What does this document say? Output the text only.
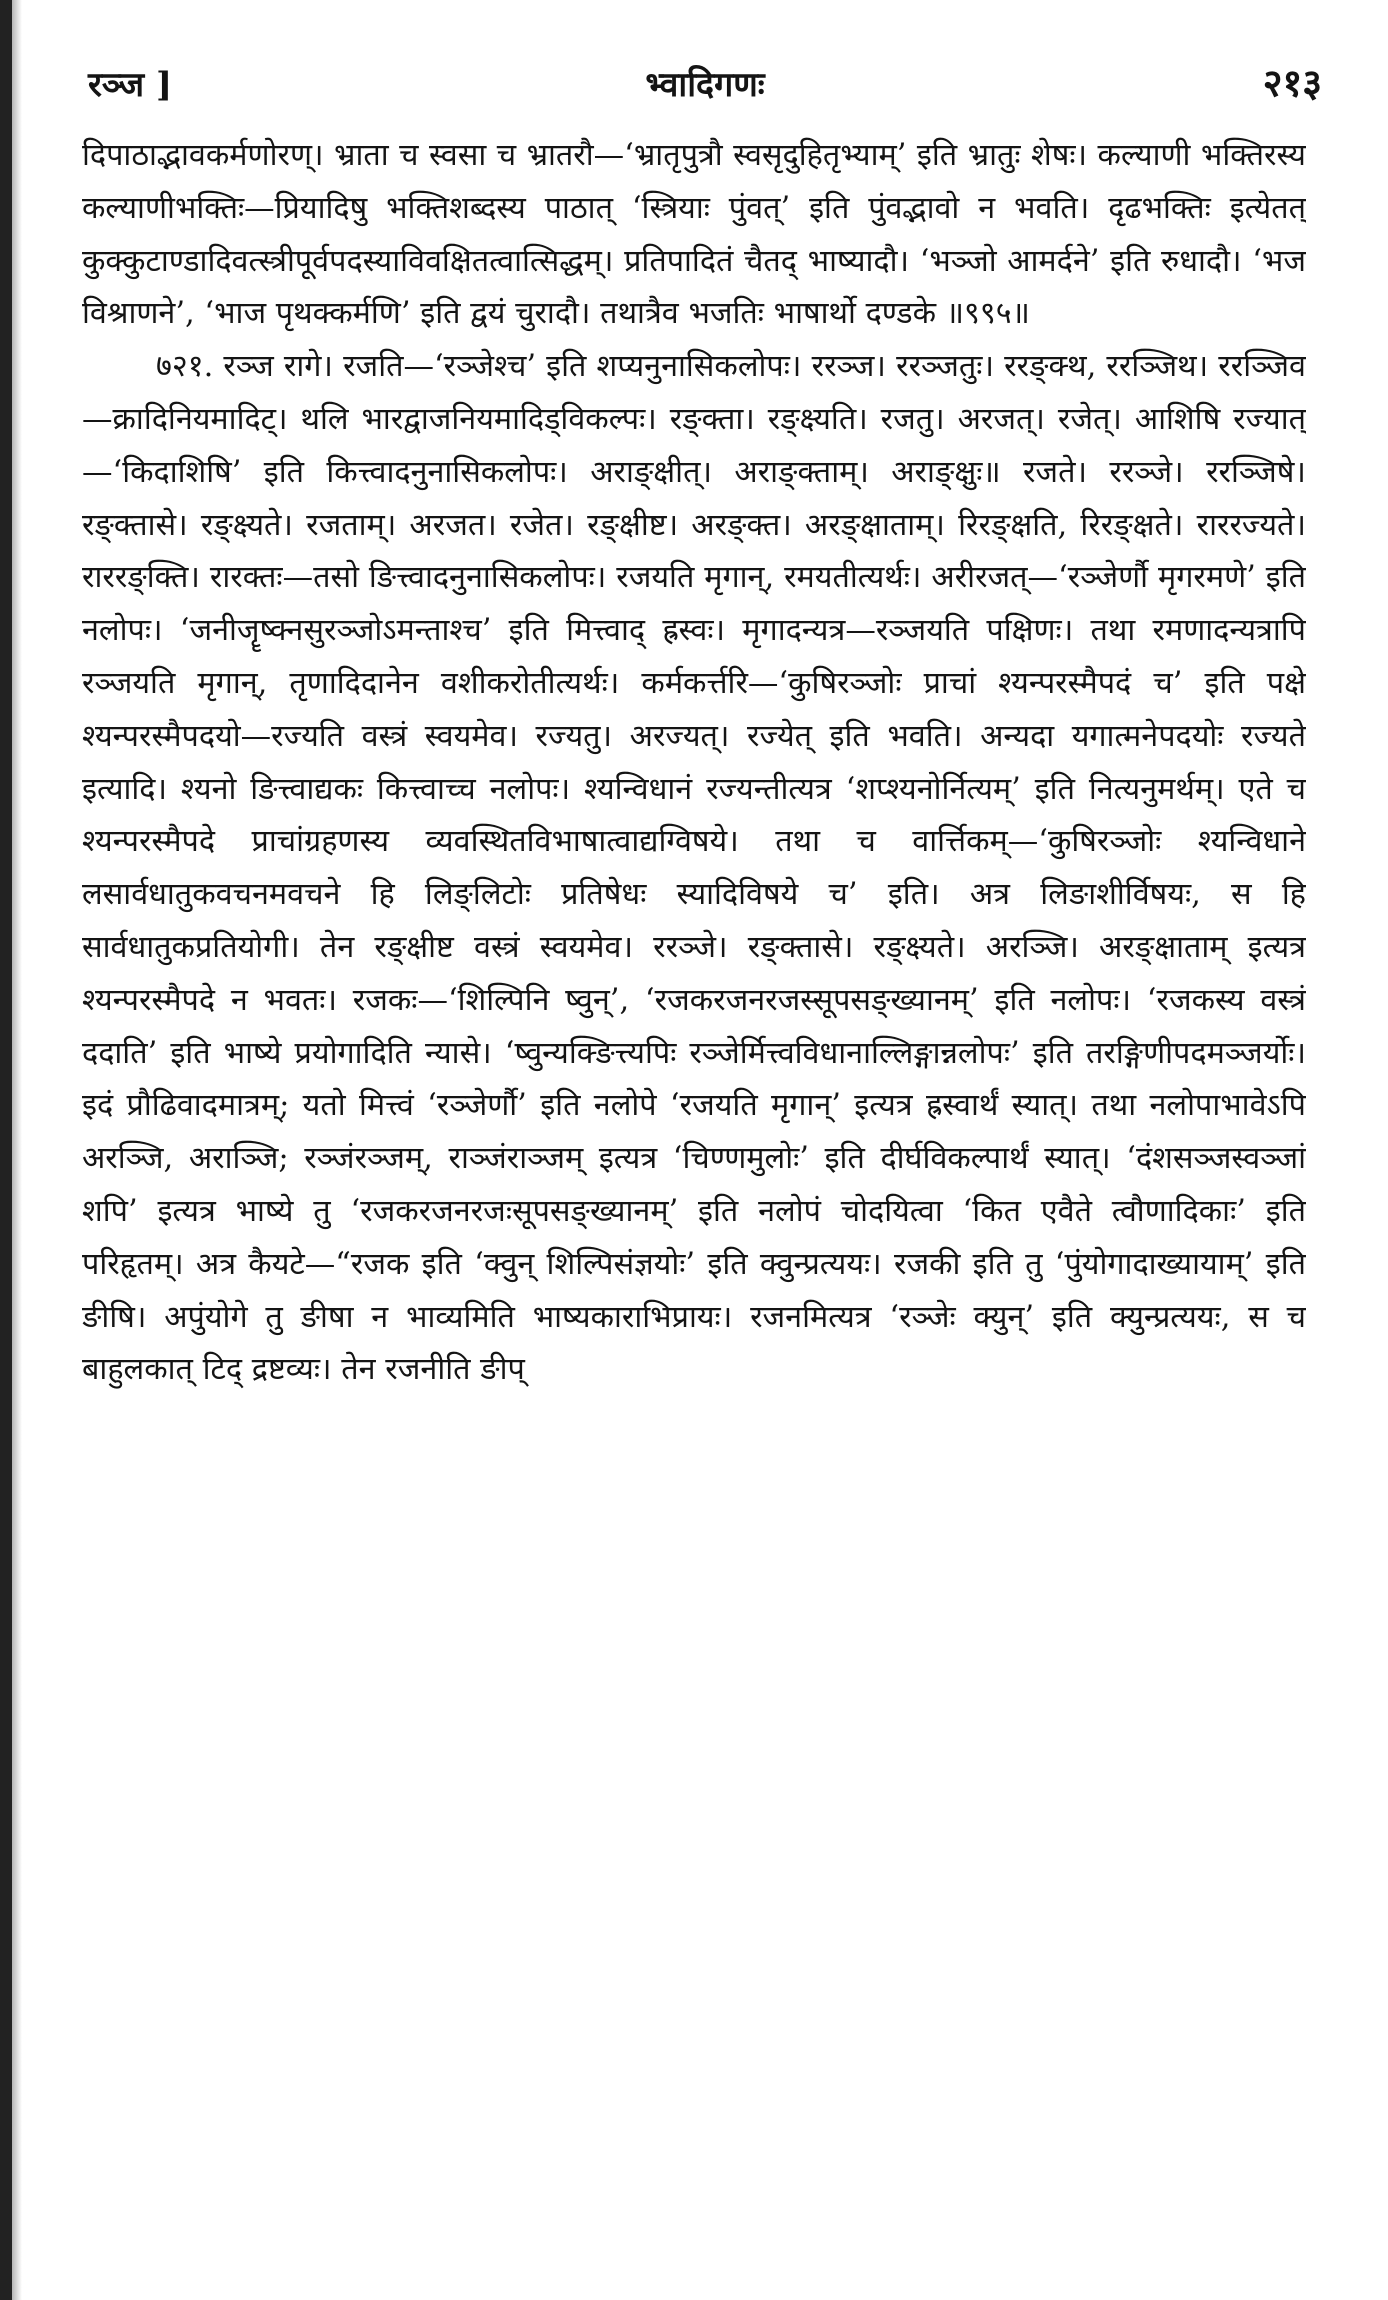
रञ्ज ]	भ्वादिगणः	२१३

दिपाठाद्भावकर्मणोरण्। भ्राता च स्वसा च भ्रातरौ—‘भ्रातृपुत्रौ स्वसृदुहितृभ्याम्’ इति भ्रातुः शेषः। कल्याणी भक्तिरस्य कल्याणीभक्तिः—प्रियादिषु भक्तिशब्दस्य पाठात् ‘स्त्रियाः पुंवत्’ इति पुंवद्भावो न भवति। दृढभक्तिः इत्येतत् कुक्कुटाण्डादिवत्स्त्रीपूर्वपदस्याविवक्षितत्वात्सिद्धम्। प्रतिपादितं चैतद् भाष्यादौ। ‘भञ्जो आमर्दने’ इति रुधादौ। ‘भज विश्राणने’, ‘भाज पृथक्कर्मणि’ इति द्वयं चुरादौ। तथात्रैव भजतिः भाषार्थो दण्डके ॥९९५॥

७२१. रञ्ज रागे। रजति—‘रञ्जेश्च’ इति शप्यनुनासिकलोपः। ररञ्ज। ररञ्जतुः। ररङ्क्थ, ररञ्जिथ। ररञ्जिव—क्रादिनियमादिट्। थलि भारद्वाजनियमादिड्विकल्पः। रङ्क्ता। रङ्क्ष्यति। रजतु। अरजत्। रजेत्। आशिषि रज्यात्—‘किदाशिषि’ इति कित्त्वादनुनासिकलोपः। अराङ्क्षीत्। अराङ्क्ताम्। अराङ्क्षुः॥ रजते। ररञ्जे। ररञ्जिषे। रङ्क्तासे। रङ्क्ष्यते। रजताम्। अरजत। रजेत। रङ्क्षीष्ट। अरङ्क्त। अरङ्क्षाताम्। रिरङ्क्षति, रिरङ्क्षते। राररज्यते। राररङ्क्ति। रारक्तः—तसो ङित्त्वादनुनासिकलोपः। रजयति मृगान्, रमयतीत्यर्थः। अरीरजत्—‘रञ्जेर्णौ मृगरमणे’ इति नलोपः। ‘जनीजॄष्क्नसुरञ्जोऽमन्ताश्च’ इति मित्त्वाद् ह्रस्वः। मृगादन्यत्र—रञ्जयति पक्षिणः। तथा रमणादन्यत्रापि रञ्जयति मृगान्, तृणादिदानेन वशीकरोतीत्यर्थः। कर्मकर्त्तरि—‘कुषिरञ्जोः प्राचां श्यन्परस्मैपदं च’ इति पक्षे श्यन्परस्मैपदयो—रज्यति वस्त्रं स्वयमेव। रज्यतु। अरज्यत्। रज्येत् इति भवति। अन्यदा यगात्मनेपदयोः रज्यते इत्यादि। श्यनो ङित्त्वाद्यकः कित्त्वाच्च नलोपः। श्यन्विधानं रज्यन्तीत्यत्र ‘शप्श्यनोर्नित्यम्’ इति नित्यनुमर्थम्। एते च श्यन्परस्मैपदे प्राचांग्रहणस्य व्यवस्थितविभाषात्वाद्यग्विषये। तथा च वार्त्तिकम्—‘कुषिरञ्जोः श्यन्विधाने लसार्वधातुकवचनमवचने हि लिङ्लिटोः प्रतिषेधः स्यादिविषये च’ इति। अत्र लिङाशीर्विषयः, स हि सार्वधातुकप्रतियोगी। तेन रङ्क्षीष्ट वस्त्रं स्वयमेव। ररञ्जे। रङ्क्तासे। रङ्क्ष्यते। अरञ्जि। अरङ्क्षाताम् इत्यत्र श्यन्परस्मैपदे न भवतः। रजकः—‘शिल्पिनि ष्वुन्’, ‘रजकरजनरजस्सूपसङ्ख्यानम्’ इति नलोपः। ‘रजकस्य वस्त्रं ददाति’ इति भाष्ये प्रयोगादिति न्यासे। ‘ष्वुन्यक्ङित्त्यपिः रञ्जेर्मित्त्वविधानाल्लिङ्गान्नलोपः’ इति तरङ्गिणीपदमञ्जर्योः। इदं प्रौढिवादमात्रम्; यतो मित्त्वं ‘रञ्जेर्णौ’ इति नलोपे ‘रजयति मृगान्’ इत्यत्र ह्रस्वार्थं स्यात्। तथा नलोपाभावेऽपि अरञ्जि, अराञ्जि; रञ्जंरञ्जम्, राञ्जंराञ्जम् इत्यत्र ‘चिण्णमुलोः’ इति दीर्घविकल्पार्थं स्यात्। ‘दंशसञ्जस्वञ्जां शपि’ इत्यत्र भाष्ये तु ‘रजकरजनरजःसूपसङ्ख्यानम्’ इति नलोपं चोदयित्वा ‘कित एवैते त्वौणादिकाः’ इति परिहृतम्। अत्र कैयटे—“रजक इति ‘क्वुन् शिल्पिसंज्ञयोः’ इति क्वुन्प्रत्ययः। रजकी इति तु ‘पुंयोगादाख्यायाम्’ इति ङीषि। अपुंयोगे तु ङीषा न भाव्यमिति भाष्यकाराभिप्रायः। रजनमित्यत्र ‘रञ्जेः क्युन्’ इति क्युन्प्रत्ययः, स च बाहुलकात् टिद् द्रष्टव्यः। तेन रजनीति ङीप्
